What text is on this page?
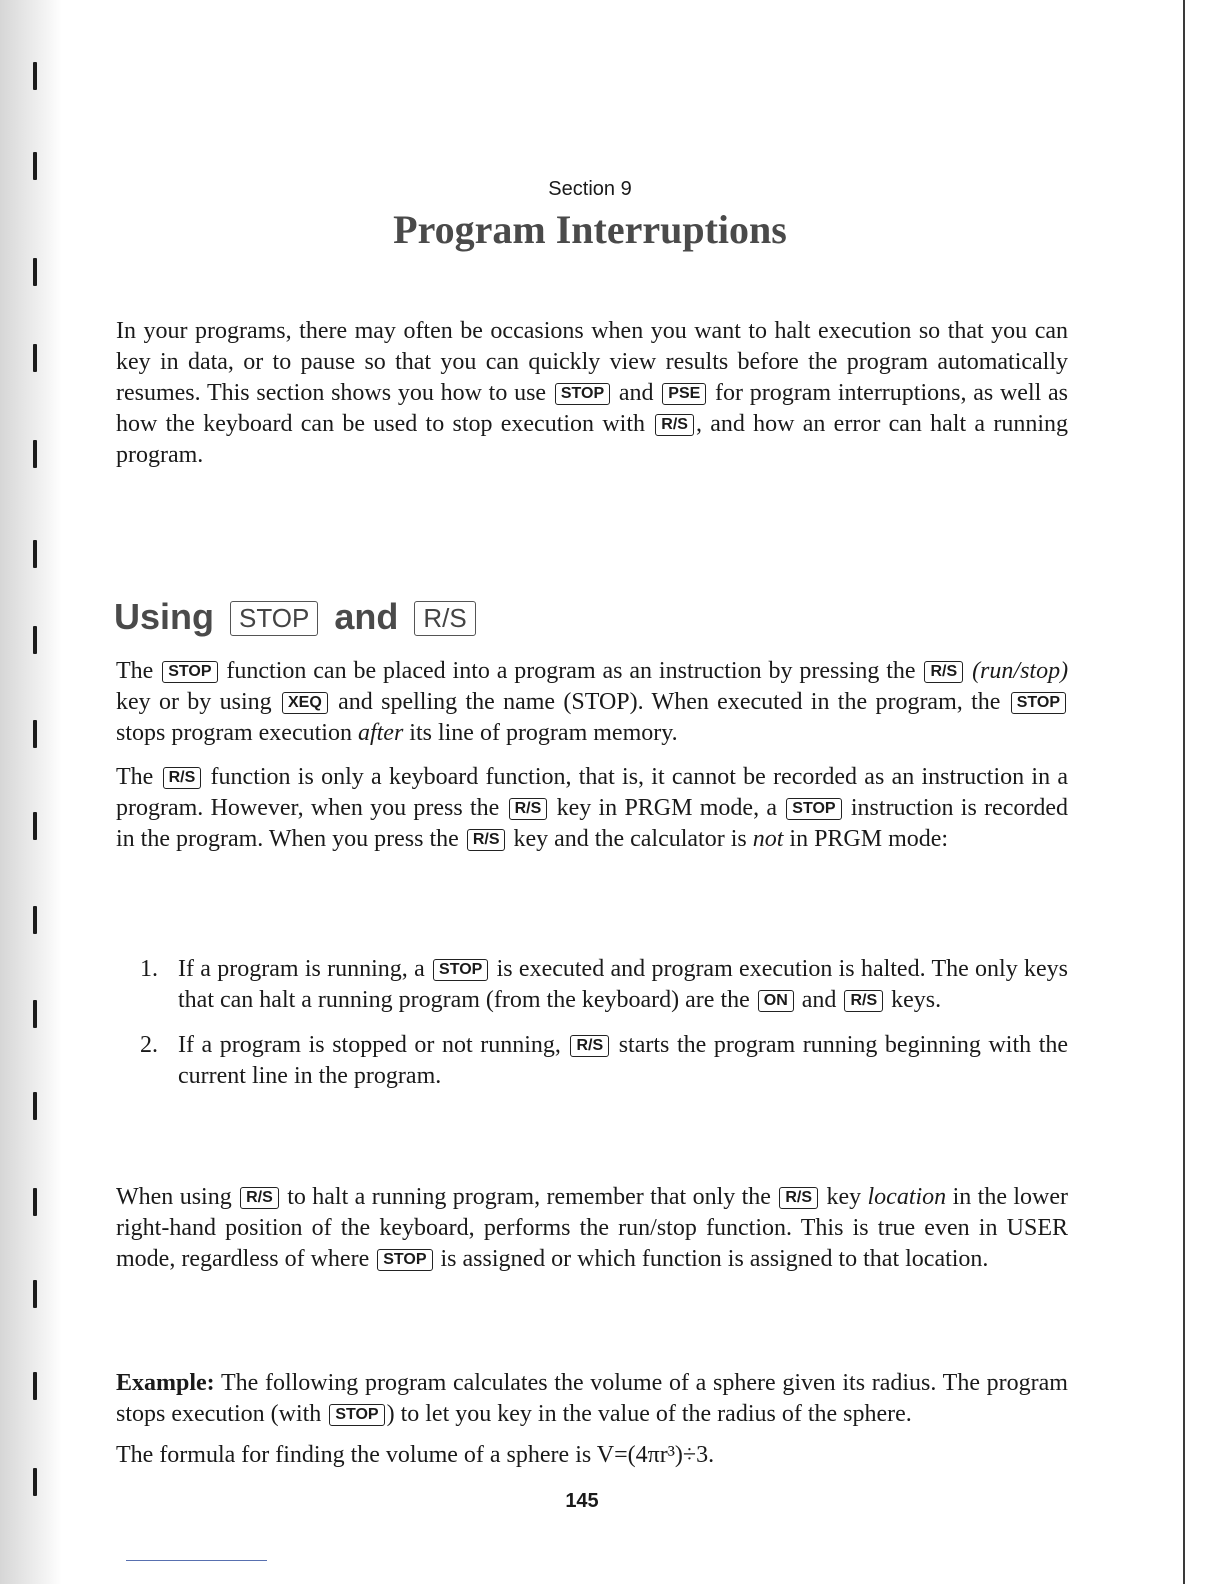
Section 9
Program Interruptions

In your programs, there may often be occasions when you want to halt execution so that you can key in data, or to pause so that you can quickly view results before the program automatically resumes. This section shows you how to use STOP and PSE for program interruptions, as well as how the keyboard can be used to stop execution with R/S , and how an error can halt a running program.

Using STOP and R/S

The STOP function can be placed into a program as an instruction by pressing the R/S (run/stop) key or by using XEQ and spelling the name (STOP). When executed in the program, the STOP stops program execution after its line of program memory.

The R/S function is only a keyboard function, that is, it cannot be recorded as an instruction in a program. However, when you press the R/S key in PRGM mode, a STOP instruction is recorded in the program. When you press the R/S key and the calculator is not in PRGM mode:

1. If a program is running, a STOP is executed and program execution is halted. The only keys that can halt a running program (from the keyboard) are the ON and R/S keys.
2. If a program is stopped or not running, R/S starts the program running beginning with the current line in the program.

When using R/S to halt a running program, remember that only the R/S key location in the lower right-hand position of the keyboard, performs the run/stop function. This is true even in USER mode, regardless of where STOP is assigned or which function is assigned to that location.

Example: The following program calculates the volume of a sphere given its radius. The program stops execution (with STOP ) to let you key in the value of the radius of the sphere.

The formula for finding the volume of a sphere is V=(4πr³)÷3.

145
